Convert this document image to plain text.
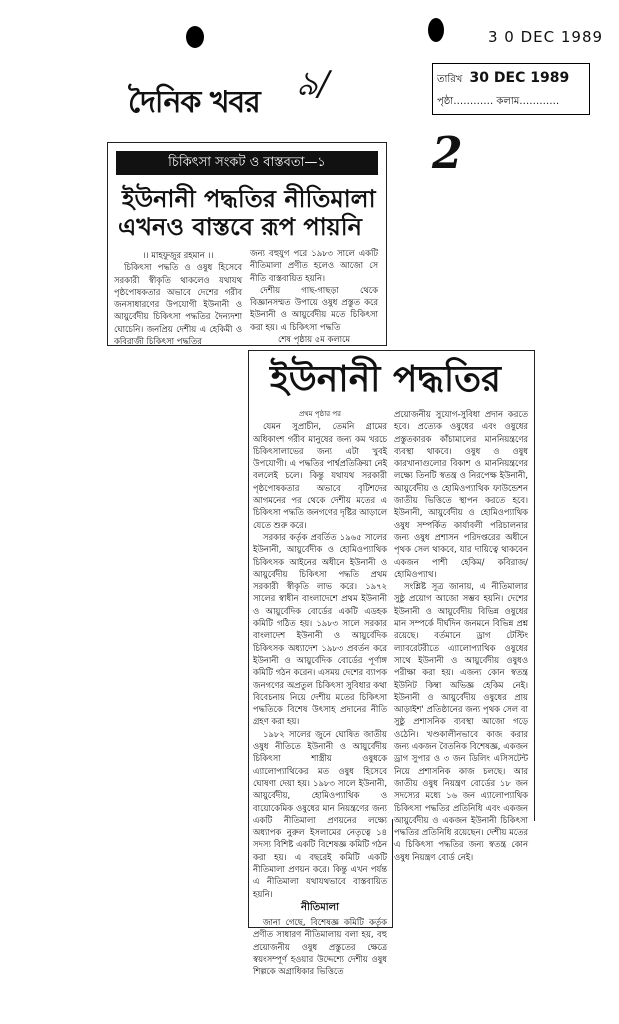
দৈনিক খবর ৯/
3 0 DEC 1989
তারিখ 30 DEC 1989
পৃষ্ঠা………… কলাম…………
2
চিকিৎসা সংকট ও বাস্তবতা—১
ইউনানী পদ্ধতির নীতিমালা
এখনও বাস্তবে রূপ পায়নি

।। মাহফুজুর রহমান ।।

চিকিৎসা পদ্ধতি ও ওষুধ হিসেবে সরকারী স্বীকৃতি থাকলেও যথাযথ পৃষ্ঠপোষকতার অভাবে দেশের গরীব জনসাধারণের উপযোগী ইউনানী ও আয়ুর্বেদীয় চিকিৎসা পদ্ধতির দৈন্যদশা ঘোচেনি। জনপ্রিয় দেশীয় এ হেকিমী ও কবিরাজী চিকিৎসা পদ্ধতির

জন্য বহুযুগ পরে ১৯৮৩ সালে একটি নীতিমালা প্রণীত হলেও আজো সে নীতি বাস্তবায়িত হয়নি।

দেশীয় গাছ-গাছড়া থেকে বিজ্ঞানসম্মত উপায়ে ওষুধ প্রস্তুত করে ইউনানী ও আয়ুর্বেদীয় মতে চিকিৎসা করা হয়। এ চিকিৎসা পদ্ধতি

শেষ পৃষ্ঠায় ৫ম কলামে

ইউনানী পদ্ধতির

প্রথম পৃষ্ঠার পর

যেমন সুপ্রাচীন, তেমনি গ্রামের অধিকাংশ গরীব মানুষের জন্য কম খরচে চিকিৎসালাভের জন্য এটা খুবই উপযোগী। এ পদ্ধতির পার্শ্বপ্রতিক্রিয়া নেই বললেই চলে। কিন্তু যথাযথ সরকারী পৃষ্ঠপোষকতার অভাবে বৃটিশদের আগমনের পর থেকে দেশীয় মতের এ চিকিৎসা পদ্ধতি জনগণের দৃষ্টির আড়ালে যেতে শুরু করে।

সরকার কর্তৃক প্রবর্তিত ১৯৬৫ সালের ইউনানী, আয়ুর্বেদীক ও হোমিওপ্যাথিক চিকিৎসক আইনের অধীনে ইউনানী ও আয়ুর্বেদীয় চিকিৎসা পদ্ধতি প্রথম সরকারী স্বীকৃতি লাভ করে। ১৯৭২ সালের স্বাধীন বাংলাদেশে প্রথম ইউনানী ও আয়ুর্বেদিক বোর্ডের একটি এডহক কমিটি গঠিত হয়। ১৯৮৩ সালে সরকার বাংলাদেশ ইউনানী ও আয়ুর্বেদিক চিকিৎসক অধ্যাদেশ ১৯৮৩ প্রবর্তন করে ইউনানী ও আয়ুর্বেদিক বোর্ডের পূর্ণাঙ্গ কমিটি গঠন করেন। এসময় দেশের ব্যাপক জনগণের অপ্রতুল চিকিৎসা সুবিধার কথা বিবেচনায় নিয়ে দেশীয় মতের চিকিৎসা পদ্ধতিকে বিশেষ উৎসাহ প্রদানের নীতি গ্রহণ করা হয়।

১৯৮২ সালের জুনে ঘোষিত জাতীয় ওষুধ নীতিতে ইউনানী ও আয়ুর্বেদীয় চিকিৎসা শাস্ত্রীয় ওষুধকে এ্যালোপ্যাথিকের মত ওষুধ হিসেবে ঘোষণা দেয়া হয়। ১৯৮৩ সালে ইউনানী, আয়ুর্বেদীয়, হোমিওপ্যাথিক ও বায়োকেমিক ওষুধের মান নিয়ন্ত্রণের জন্য একটি নীতিমালা প্রণয়নের লক্ষ্যে অধ্যাপক নুরুল ইসলামের নেতৃত্বে ১৪ সদস্য বিশিষ্ট একটি বিশেষজ্ঞ কমিটি গঠন করা হয়। এ বছরেই কমিটি একটি নীতিমালা প্রণয়ন করে। কিন্তু এখন পর্যন্ত এ নীতিমালা যথাযথভাবে বাস্তবায়িত হয়নি।

নীতিমালা

জানা গেছে, বিশেষজ্ঞ কমিটি কর্তৃক প্রণীত সাধারণ নীতিমালায় বলা হয়, বহু প্রয়োজনীয় ওষুধ প্রস্তুতের ক্ষেত্রে স্বয়ংসম্পূর্ণ হওয়ার উদ্দেশ্যে দেশীয় ওষুধ শিল্পকে অগ্রাধিকার ভিত্তিতে

প্রয়োজনীয় সুযোগ-সুবিধা প্রদান করতে হবে। প্রত্যেক ওষুধের এবং ওষুধের প্রস্তুতকারক কাঁচামালের মাননিয়ন্ত্রণের ব্যবস্থা থাকবে। ওষুধ ও ওষুধ কারখানাগুলোর বিকাশ ও মাননিয়ন্ত্রণের লক্ষ্যে তিনটি স্বতন্ত্র ও নিরপেক্ষ ইউনানী, আয়ুর্বেদীয় ও হোমিওপ্যাথিক ফাউন্ডেশন জাতীয় ভিত্তিতে স্থাপন করতে হবে। ইউনানী, আয়ুর্বেদীয় ও হোমিওপ্যাথিক ওষুধ সম্পর্কিত কার্যাবলী পরিচালনার জন্য ওষুধ প্রশাসন পরিদপ্তরের অধীনে পৃথক সেল থাকবে, যার দায়িত্বে থাকবেন একজন পাশী হেকিম/ কবিরাজ/ হোমিওপ্যাথ।

সংশ্লিষ্ট সূত্র জানায়, এ নীতিমালার সুষ্ঠু প্রয়োগ আজো সম্ভব হয়নি। দেশের ইউনানী ও আয়ুর্বেদীয় বিভিন্ন ওষুধের মান সম্পর্কে দীর্ঘদিন জনমনে বিভিন্ন প্রশ্ন রয়েছে। বর্তমানে ড্রাগ টেস্টিং ল্যাবরেটরীতে এ্যালোপ্যাথিক ওষুধের সাথে ইউনানী ও আয়ুর্বেদীয় ওষুধও পরীক্ষা করা হয়। এজন্য কোন স্বতন্ত্র ইউনিট কিম্বা অভিজ্ঞ হেকিম নেই। ইউনানী ও আয়ুর্বেদীয় ওষুধের প্রায় আড়াইশ' প্রতিষ্ঠানের জন্য পৃথক সেল বা সুষ্ঠু প্রশাসনিক ব্যবস্থা আজো গড়ে ওঠেনি। খণ্ডকালীনভাবে কাজ করার জন্য একজন বৈতনিক বিশেষজ্ঞ, একজন ড্রাগ সুপার ও ৩ জন ডিলিং এসিসটেন্ট নিয়ে প্রশাসনিক কাজ চলছে। আর জাতীয় ওষুধ নিয়ন্ত্রণ বোর্ডের ১৮ জন সদস্যের মধ্যে ১৬ জন এ্যালোপ্যাথিক চিকিৎসা পদ্ধতির প্রতিনিধি এবং একজন আয়ুর্বেদীয় ও একজন ইউনানী চিকিৎসা পদ্ধতির প্রতিনিধি রয়েছেন। দেশীয় মতের এ চিকিৎসা পদ্ধতির জন্য স্বতন্ত্র কোন ওষুধ নিয়ন্ত্রণ বোর্ড নেই।
